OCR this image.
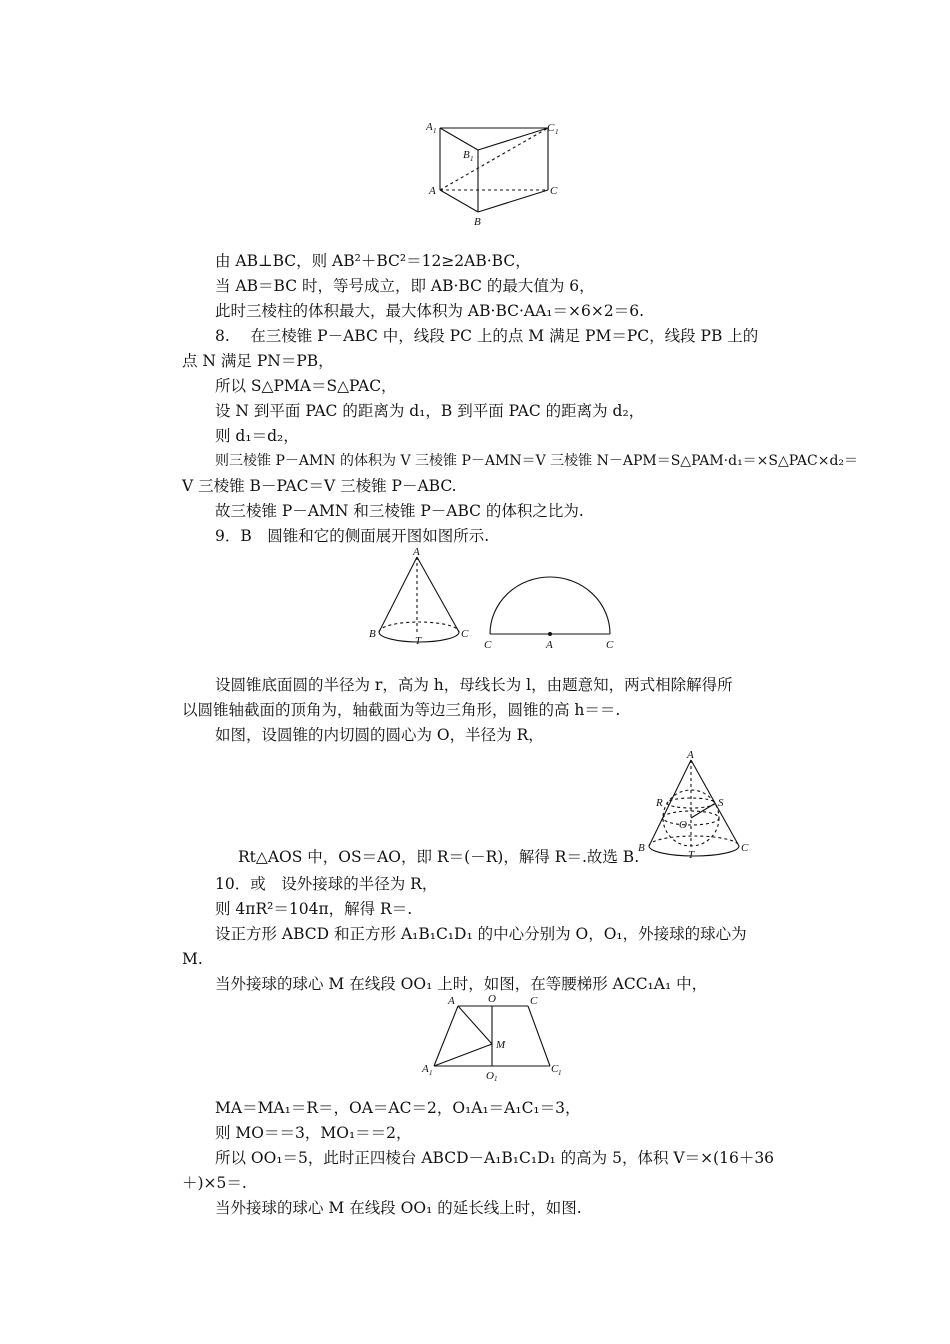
A 1	C 1
B 1
A	C
B
A
B	C
T	C	A	C
A
R	S
O
B	C
T
A	O	C
M
A 1	O 1
C 1
由 AB⊥BC，则 AB²＋BC²＝12≥2AB·BC，
当 AB＝BC 时，等号成立，即 AB·BC 的最大值为 6，
此时三棱柱的体积最大，最大体积为 AB·BC·AA₁＝×6×2＝6.
8.　 在三棱锥 P－ABC 中，线段 PC 上的点 M 满足 PM＝PC，线段 PB 上的
点 N 满足 PN＝PB，
所以 S△PMA＝S△PAC，
设 N 到平面 PAC 的距离为 d₁，B 到平面 PAC 的距离为 d₂，
则 d₁＝d₂，
则三棱锥 P－AMN 的体积为 V 三棱锥 P－AMN＝V 三棱锥 N－APM＝S△PAM·d₁＝×S△PAC×d₂＝
V 三棱锥 B－PAC＝V 三棱锥 P－ABC.
故三棱锥 P－AMN 和三棱锥 P－ABC 的体积之比为.
9．B　圆锥和它的侧面展开图如图所示.
设圆锥底面圆的半径为 r，高为 h，母线长为 l，由题意知，两式相除解得所
以圆锥轴截面的顶角为，轴截面为等边三角形，圆锥的高 h＝＝.
如图，设圆锥的内切圆的圆心为 O，半径为 R，
Rt△AOS 中，OS＝AO，即 R＝(－R)，解得 R＝.故选 B.
10．或　设外接球的半径为 R，
则 4πR²＝104π，解得 R＝.
设正方形 ABCD 和正方形 A₁B₁C₁D₁ 的中心分别为 O，O₁，外接球的球心为
M.
当外接球的球心 M 在线段 OO₁ 上时，如图，在等腰梯形 ACC₁A₁ 中，
MA＝MA₁＝R＝，OA＝AC＝2，O₁A₁＝A₁C₁＝3，
则 MO＝＝3，MO₁＝＝2，
所以 OO₁＝5，此时正四棱台 ABCD－A₁B₁C₁D₁ 的高为 5，体积 V＝×(16＋36
＋)×5＝.
当外接球的球心 M 在线段 OO₁ 的延长线上时，如图.
